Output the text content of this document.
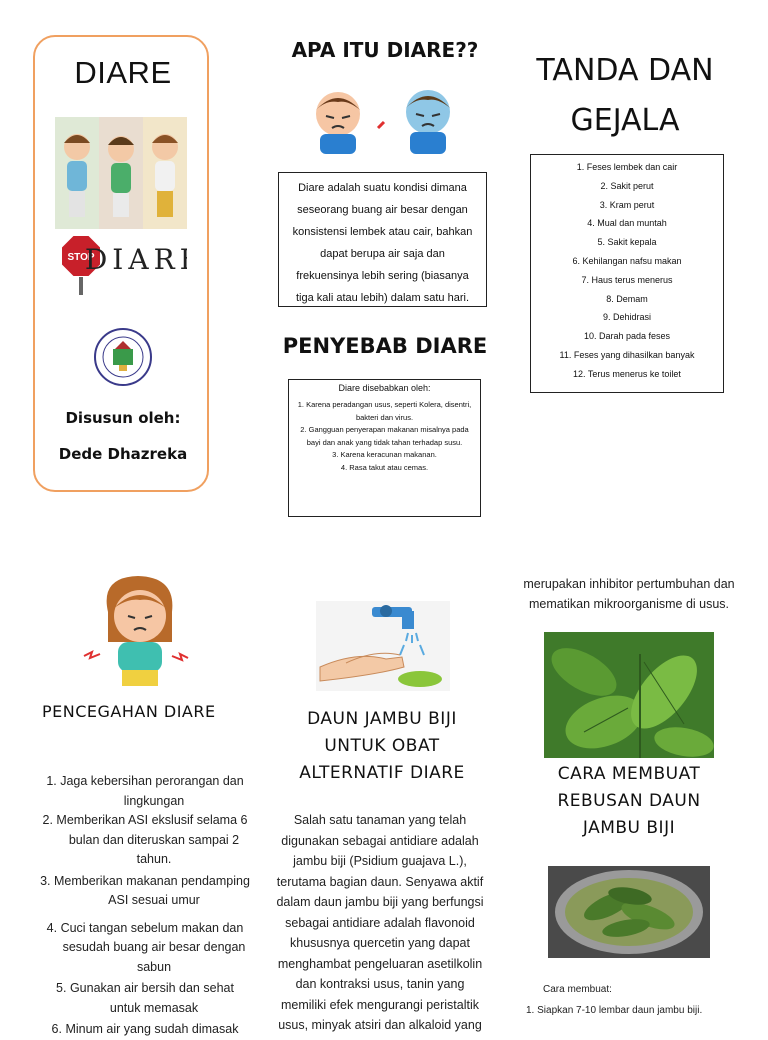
DIARE
STOP
DIAR
Disusun oleh:
Dede Dhazreka
APA ITU DIARE??
Diare adalah suatu kondisi dimana seseorang buang air besar dengan konsistensi lembek atau cair, bahkan dapat berupa air saja dan frekuensinya lebih sering (biasanya tiga kali atau lebih) dalam satu hari.
PENYEBAB DIARE
Diare disebabkan oleh:
1. Karena peradangan usus, seperti Kolera, disentri, bakteri dan virus.
2. Gangguan penyerapan makanan misalnya pada bayi dan anak yang tidak tahan terhadap susu.
3. Karena keracunan makanan.
4. Rasa takut atau cemas.
TANDA DAN
GEJALA
1. Feses lembek dan cair
2. Sakit perut
3. Kram perut
4. Mual dan muntah
5. Sakit kepala
6. Kehilangan nafsu makan
7. Haus terus menerus
8. Demam
9. Dehidrasi
10. Darah pada feses
11. Feses yang dihasilkan banyak
12. Terus menerus ke toilet
PENCEGAHAN DIARE
1. Jaga kebersihan perorangan dan lingkungan
2. Memberikan ASI ekslusif selama 6 bulan dan diteruskan sampai 2 tahun.
3. Memberikan makanan pendamping ASI sesuai umur
4. Cuci tangan sebelum makan dan sesudah buang air besar dengan sabun
5. Gunakan air bersih dan sehat untuk memasak
6. Minum air yang sudah dimasak
DAUN JAMBU BIJI
UNTUK OBAT
ALTERNATIF DIARE
Salah satu tanaman yang telah digunakan sebagai antidiare adalah jambu biji (Psidium guajava L.), terutama bagian daun. Senyawa aktif dalam daun jambu biji yang berfungsi sebagai antidiare adalah flavonoid khususnya quercetin yang dapat menghambat pengeluaran asetilkolin dan kontraksi usus, tanin yang memiliki efek mengurangi peristaltik usus, minyak atsiri dan alkaloid yang
merupakan inhibitor pertumbuhan dan mematikan mikroorganisme di usus.
CARA MEMBUAT
REBUSAN DAUN
JAMBU BIJI
Cara membuat:
1. Siapkan 7-10 lembar daun jambu biji.
